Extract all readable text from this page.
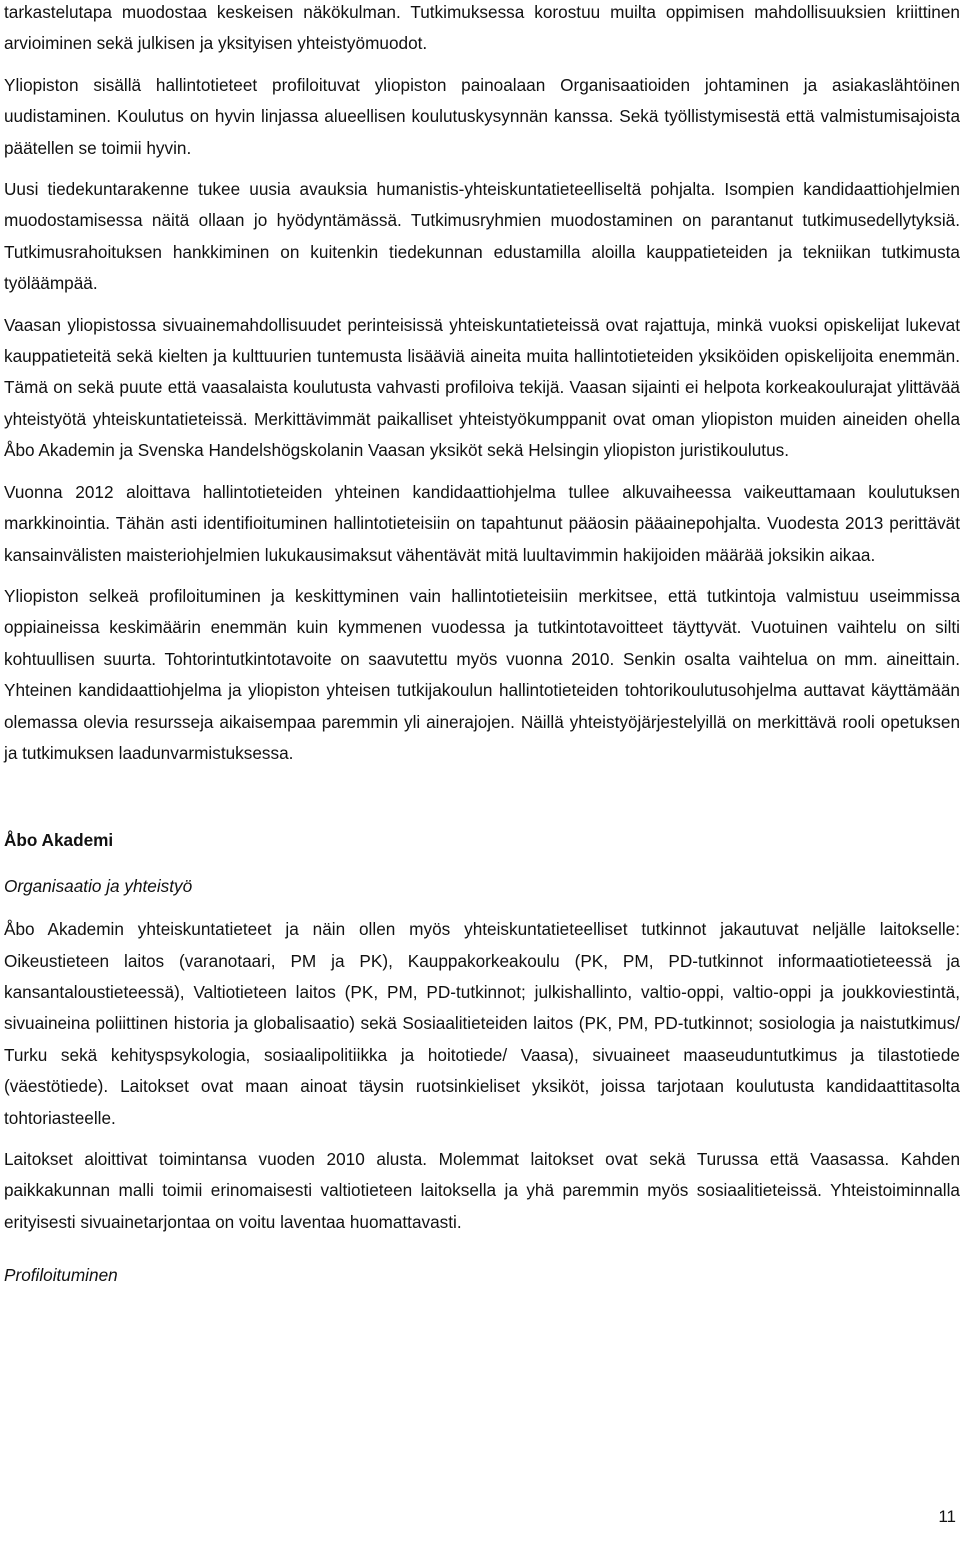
tarkastelutapa muodostaa keskeisen näkökulman. Tutkimuksessa korostuu muilta oppimisen mahdollisuuksien kriittinen arvioiminen sekä julkisen ja yksityisen yhteistyömuodot.

Yliopiston sisällä hallintotieteet profiloituvat yliopiston painoalaan Organisaatioiden johtaminen ja asiakaslähtöinen uudistaminen. Koulutus on hyvin linjassa alueellisen koulutuskysynnän kanssa. Sekä työllistymisestä että valmistumisajoista päätellen se toimii hyvin.

Uusi tiedekuntarakenne tukee uusia avauksia humanistis-yhteiskuntatieteelliseltä pohjalta. Isompien kandidaattiohjelmien muodostamisessa näitä ollaan jo hyödyntämässä. Tutkimusryhmien muodostaminen on parantanut tutkimusedellytyksiä. Tutkimusrahoituksen hankkiminen on kuitenkin tiedekunnan edustamilla aloilla kauppatieteiden ja tekniikan tutkimusta työläämpää.

Vaasan yliopistossa sivuainemahdollisuudet perinteisissä yhteiskuntatieteissä ovat rajattuja, minkä vuoksi opiskelijat lukevat kauppatieteitä sekä kielten ja kulttuurien tuntemusta lisääviä aineita muita hallintotieteiden yksiköiden opiskelijoita enemmän. Tämä on sekä puute että vaasalaista koulutusta vahvasti profiloiva tekijä. Vaasan sijainti ei helpota korkeakoulurajat ylittävää yhteistyötä yhteiskuntatieteissä. Merkittävimmät paikalliset yhteistyökumppanit ovat oman yliopiston muiden aineiden ohella Åbo Akademin ja Svenska Handelshögskolanin Vaasan yksiköt sekä Helsingin yliopiston juristikoulutus.

Vuonna 2012 aloittava hallintotieteiden yhteinen kandidaattiohjelma tullee alkuvaiheessa vaikeuttamaan koulutuksen markkinointia. Tähän asti identifioituminen hallintotieteisiin on tapahtunut pääosin pääainepohjalta. Vuodesta 2013 perittävät kansainvälisten maisteriohjelmien lukukausimaksut vähentävät mitä luultavimmin hakijoiden määrää joksikin aikaa.

Yliopiston selkeä profiloituminen ja keskittyminen vain hallintotieteisiin merkitsee, että tutkintoja valmistuu useimmissa oppiaineissa keskimäärin enemmän kuin kymmenen vuodessa ja tutkintotavoitteet täyttyvät. Vuotuinen vaihtelu on silti kohtuullisen suurta. Tohtorintutkintotavoite on saavutettu myös vuonna 2010. Senkin osalta vaihtelua on mm. aineittain. Yhteinen kandidaattiohjelma ja yliopiston yhteisen tutkijakoulun hallintotieteiden tohtorikoulutusohjelma auttavat käyttämään olemassa olevia resursseja aikaisempaa paremmin yli ainerajojen. Näillä yhteistyöjärjestelyillä on merkittävä rooli opetuksen ja tutkimuksen laadunvarmistuksessa.

Åbo Akademi

Organisaatio ja yhteistyö

Åbo Akademin yhteiskuntatieteet ja näin ollen myös yhteiskuntatieteelliset tutkinnot jakautuvat neljälle laitokselle: Oikeustieteen laitos (varanotaari, PM ja PK), Kauppakorkeakoulu (PK, PM, PD-tutkinnot informaatiotieteessä ja kansantaloustieteessä), Valtiotieteen laitos (PK, PM, PD-tutkinnot; julkishallinto, valtio-oppi, valtio-oppi ja joukkoviestintä, sivuaineina poliittinen historia ja globalisaatio) sekä Sosiaalitieteiden laitos (PK, PM, PD-tutkinnot; sosiologia ja naistutkimus/ Turku sekä kehityspsykologia, sosiaalipolitiikka ja hoitotiede/ Vaasa), sivuaineet maaseuduntutkimus ja tilastotiede (väestötiede). Laitokset ovat maan ainoat täysin ruotsinkieliset yksiköt, joissa tarjotaan koulutusta kandidaattitasolta tohtoriasteelle.

Laitokset aloittivat toimintansa vuoden 2010 alusta. Molemmat laitokset ovat sekä Turussa että Vaasassa. Kahden paikkakunnan malli toimii erinomaisesti valtiotieteen laitoksella ja yhä paremmin myös sosiaalitieteissä. Yhteistoiminnalla erityisesti sivuainetarjontaa on voitu laventaa huomattavasti.

Profiloituminen

11
